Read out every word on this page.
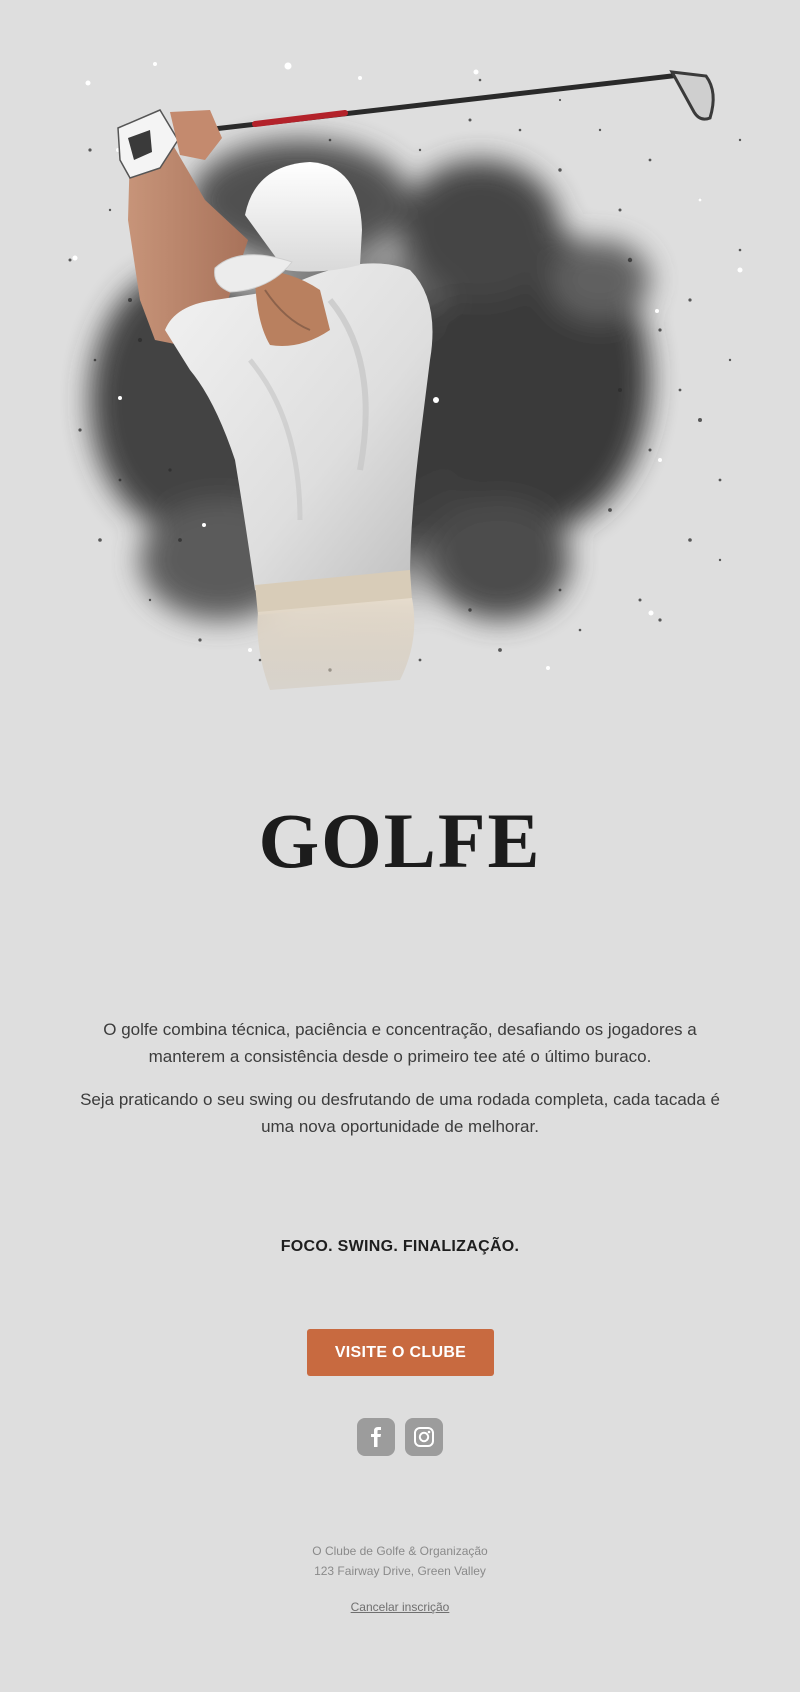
GOLFE
O golfe combina técnica, paciência e concentração, desafiando os jogadores a manterem a consistência desde o primeiro tee até o último buraco.
Seja praticando o seu swing ou desfrutando de uma rodada completa, cada tacada é uma nova oportunidade de melhorar.
FOCO. SWING. FINALIZAÇÃO.
VISITE O CLUBE
O Clube de Golfe & Organização
123 Fairway Drive, Green Valley
Cancelar inscrição
